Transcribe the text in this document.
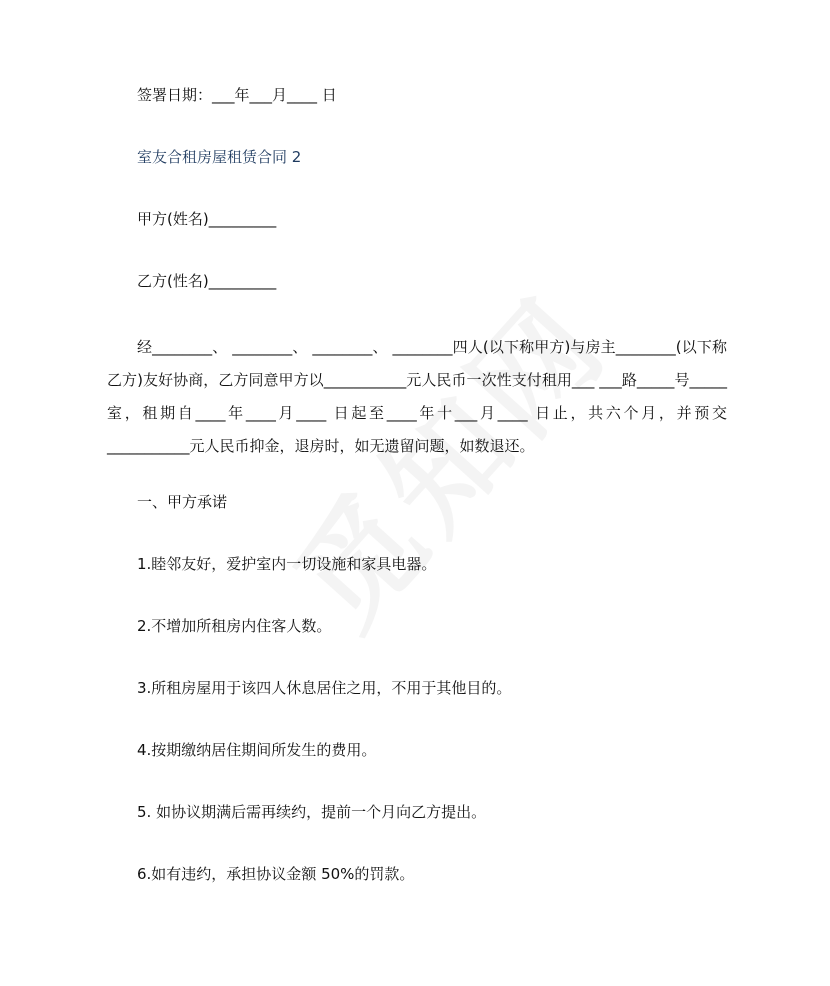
签署日期：___年___月____ 日
室友合租房屋租赁合同 2
甲方(姓名)_________
乙方(性名)_________
经________、 ________、 ________、 ________四人(以下称甲方)与房主________(以下称乙方)友好协商，乙方同意甲方以___________元人民币一次性支付租用___ ___路_____号_____室，租期自____年____月____ 日起至____年十___月____ 日止，共六个月，并预交___________元人民币抑金，退房时，如无遗留问题，如数退还。
一、甲方承诺
1.睦邻友好，爱护室内一切设施和家具电器。
2.不增加所租房内住客人数。
3.所租房屋用于该四人休息居住之用，不用于其他目的。
4.按期缴纳居住期间所发生的费用。
5. 如协议期满后需再续约，提前一个月向乙方提出。
6.如有违约，承担协议金额 50%的罚款。
